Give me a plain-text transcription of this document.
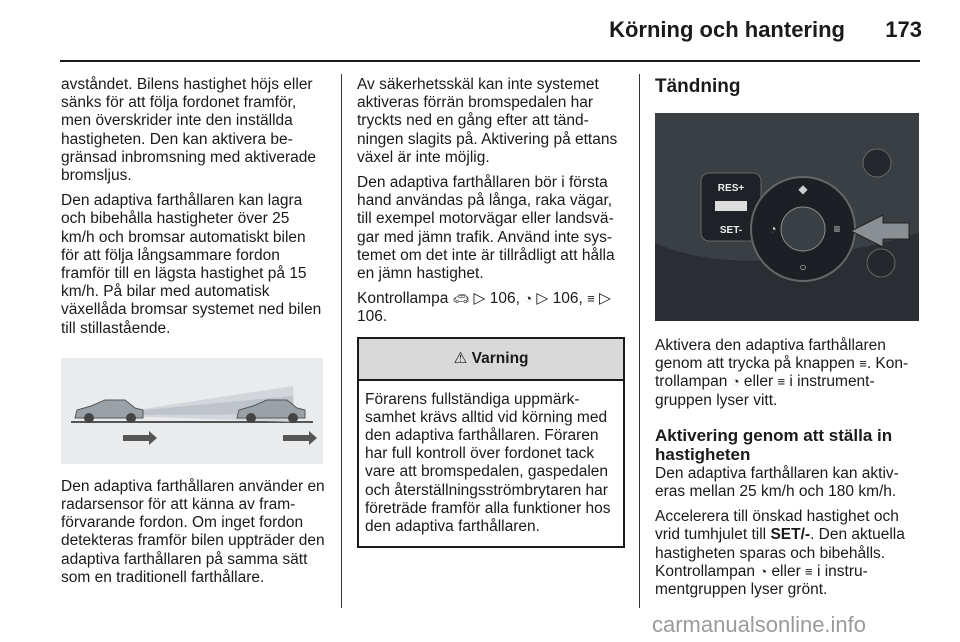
Körning och hantering 173

avståndet. Bilens hastighet höjs eller sänks för att följa fordonet framför, men överskrider inte den inställda hastigheten. Den kan aktivera begränsad inbromsning med aktiverade bromsljus.

Den adaptiva farthållaren kan lagra och bibehålla hastigheter över 25 km/h och bromsar automatiskt bilen för att följa långsammare fordon framför till en lägsta hastighet på 15 km/h. På bilar med automatisk växellåda bromsar systemet ned bilen till stillastående.

Den adaptiva farthållaren använder en radarsensor för att känna av framförvarande fordon. Om inget fordon detekteras framför bilen uppträder den adaptiva farthållaren på samma sätt som en traditionell farthållare.

Av säkerhetsskäl kan inte systemet aktiveras förrän bromspedalen har tryckts ned en gång efter att tändningen slagits på. Aktivering på ettans växel är inte möjlig.

Den adaptiva farthållaren bör i första hand användas på långa, raka vägar, till exempel motorvägar eller landsvägar med jämn trafik. Använd inte systemet om det inte är tillrådligt att hålla en jämn hastighet.

Kontrollampa 🚗︎ ▷ 106, ◔ ▷ 106, ≡ ▷ 106.

⚠︎ Varning
Förarens fullständiga uppmärksamhet krävs alltid vid körning med den adaptiva farthållaren. Föraren har full kontroll över fordonet tack vare att bromspedalen, gaspedalen och återställningsströmbrytaren har företräde framför alla funktioner hos den adaptiva farthållaren.
Tändning
RES+
SET-
◆
◔	≡
○

Aktivera den adaptiva farthållaren genom att trycka på knappen ≡. Kontrollampan ◔ eller ≡ i instrumentgruppen lyser vitt.

Aktivering genom att ställa in hastigheten

Den adaptiva farthållaren kan aktiveras mellan 25 km/h och 180 km/h.

Accelerera till önskad hastighet och vrid tumhjulet till SET/-. Den aktuella hastigheten sparas och bibehålls. Kontrollampan ◔ eller ≡ i instrumentgruppen lyser grönt.

carmanualsonline.info
